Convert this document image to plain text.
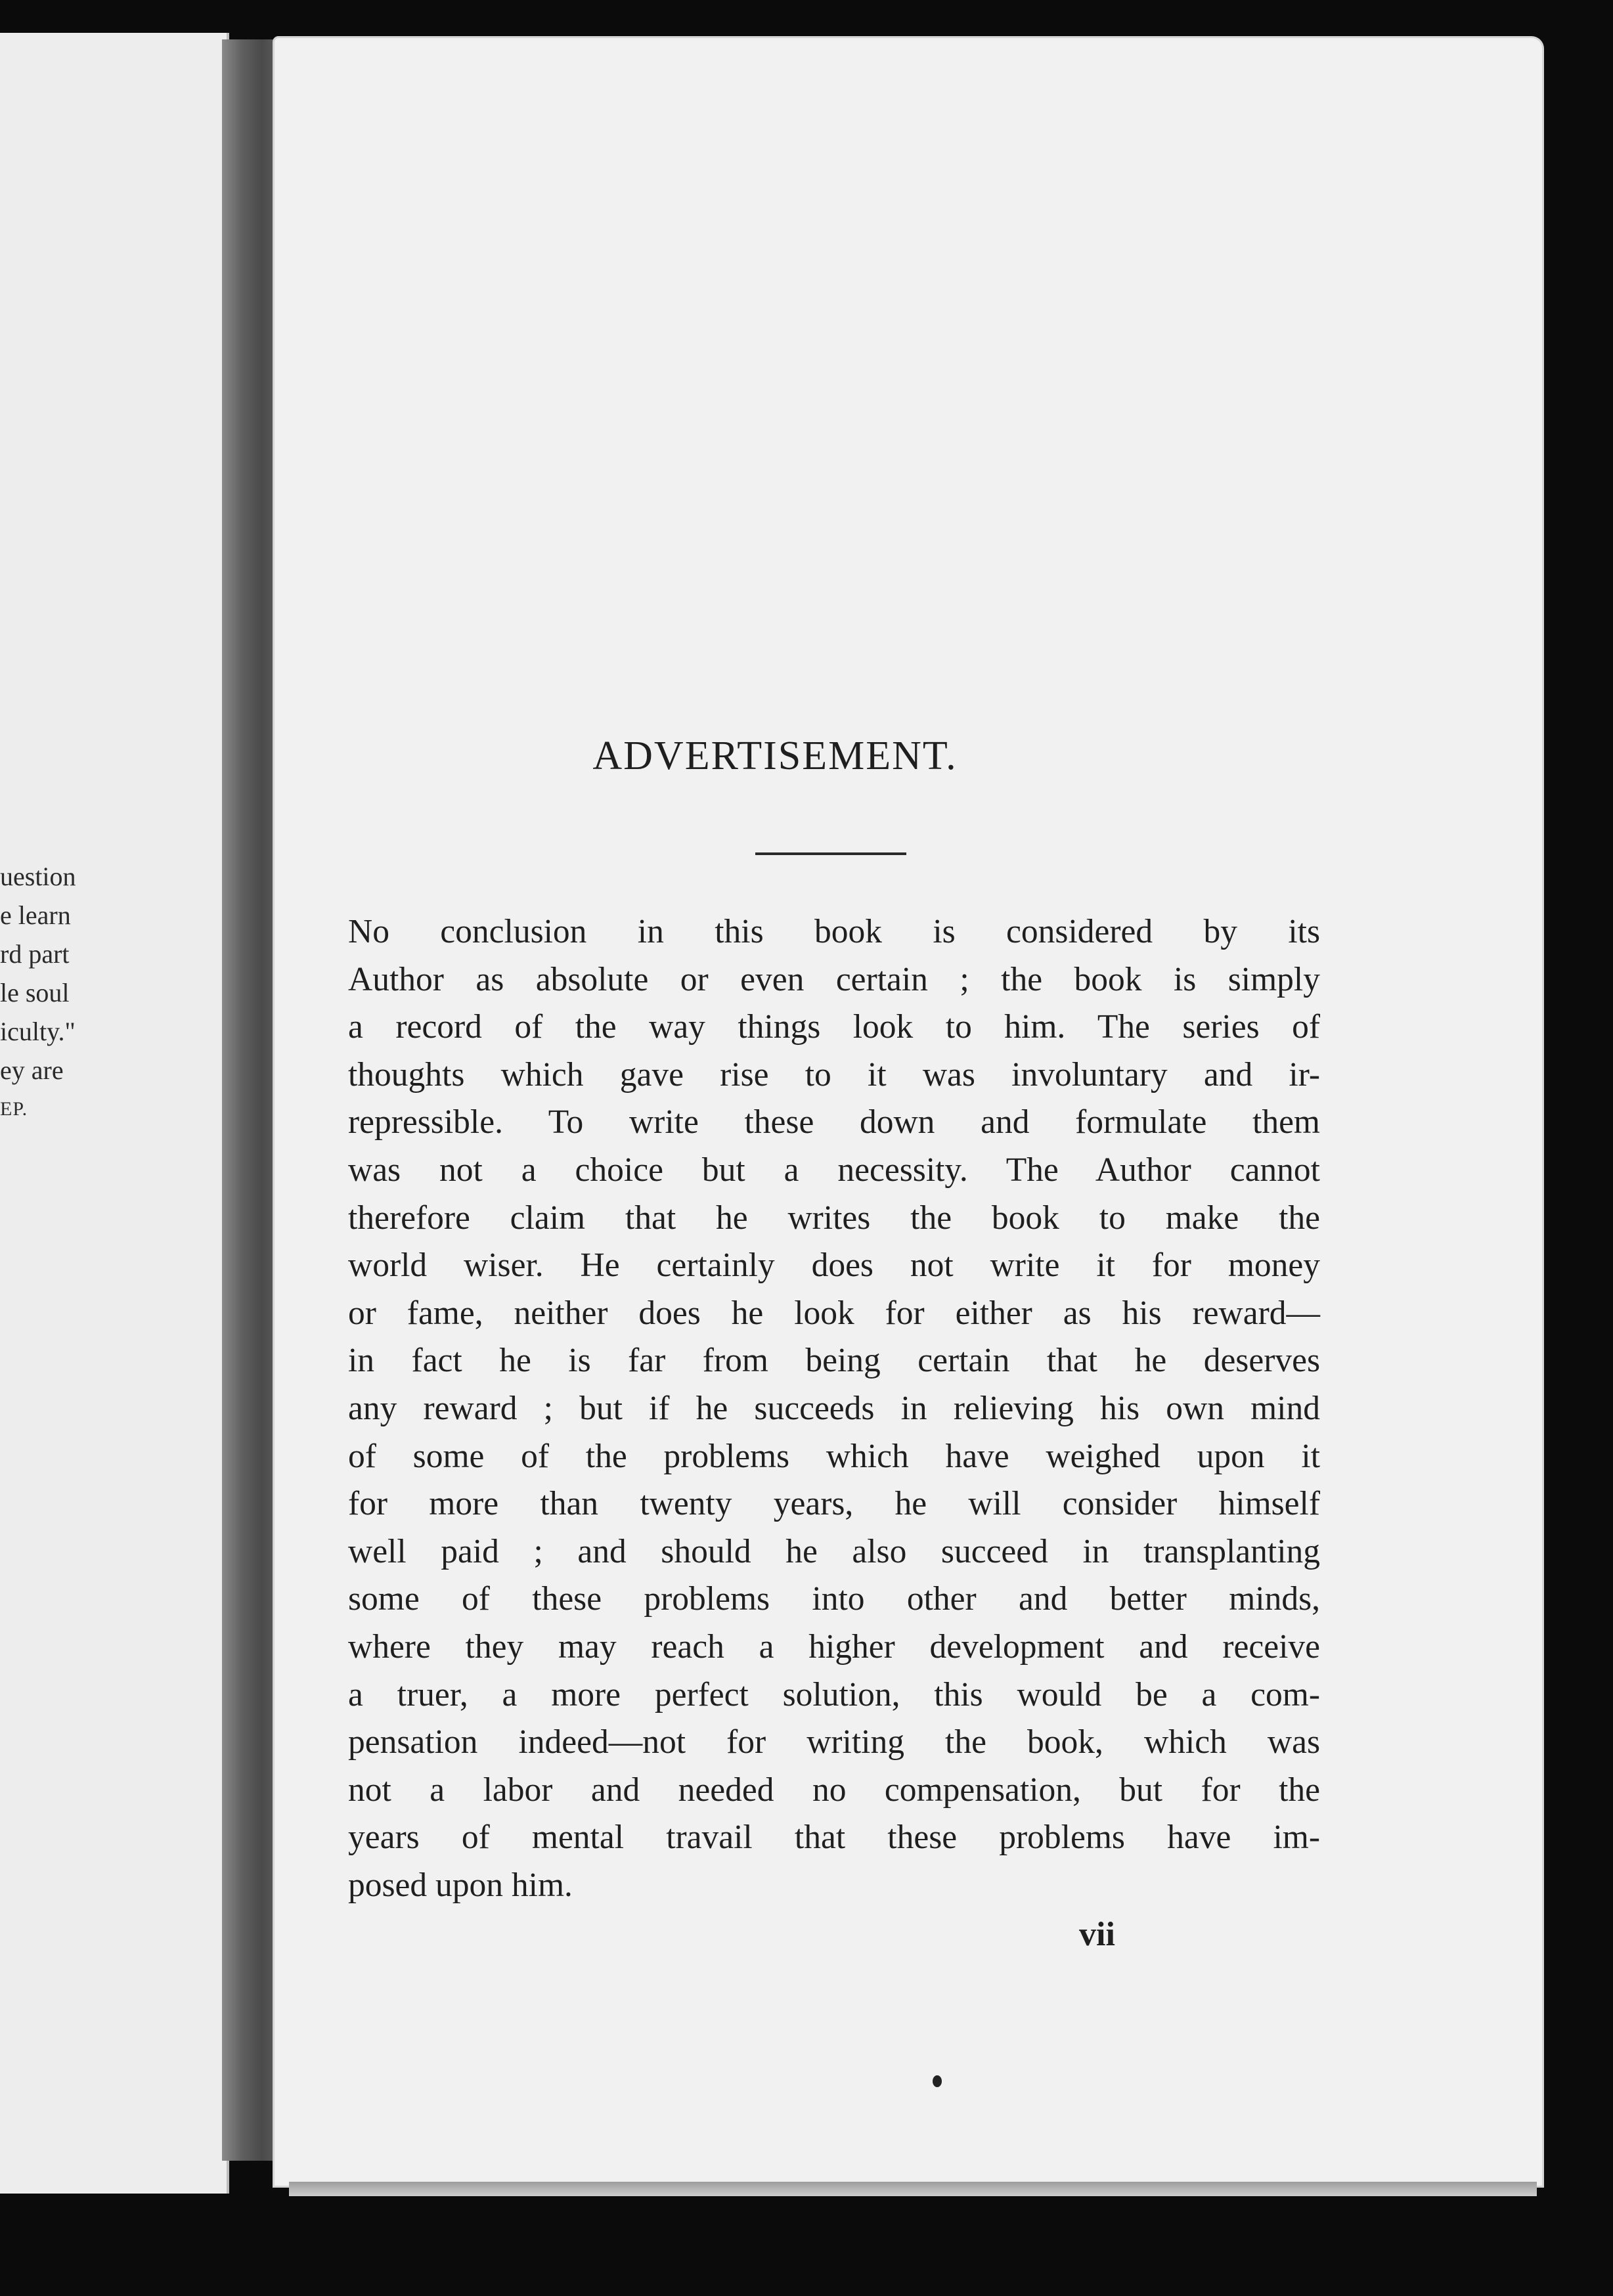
uestion
e learn
rd part
le soul
iculty."
ey are
EP.
ADVERTISEMENT.

No conclusion in this book is considered by its
Author as absolute or even certain ; the book is simply
a record of the way things look to him. The series of
thoughts which gave rise to it was involuntary and ir-
repressible. To write these down and formulate them
was not a choice but a necessity. The Author cannot
therefore claim that he writes the book to make the
world wiser. He certainly does not write it for money
or fame, neither does he look for either as his reward—
in fact he is far from being certain that he deserves
any reward ; but if he succeeds in relieving his own mind
of some of the problems which have weighed upon it
for more than twenty years, he will consider himself
well paid ; and should he also succeed in transplanting
some of these problems into other and better minds,
where they may reach a higher development and receive
a truer, a more perfect solution, this would be a com-
pensation indeed—not for writing the book, which was
not a labor and needed no compensation, but for the
years of mental travail that these problems have im-
posed upon him.

vii
